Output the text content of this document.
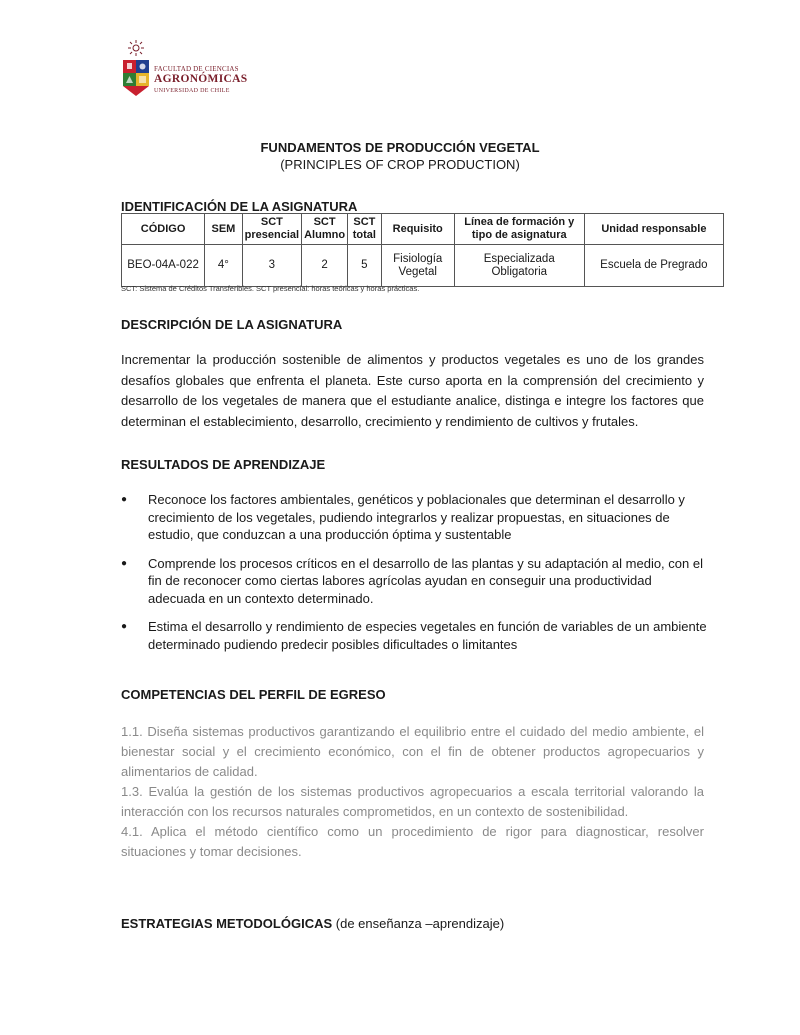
FACULTAD DE CIENCIAS
AGRONÓMICAS
UNIVERSIDAD DE CHILE
FUNDAMENTOS DE PRODUCCIÓN VEGETAL
(PRINCIPLES OF CROP PRODUCTION)
IDENTIFICACIÓN DE LA ASIGNATURA
CÓDIGO	SEM	SCT presencial	SCT Alumno	SCT total	Requisito	Línea de formación y tipo de asignatura	Unidad responsable
BEO-04A-022	4°	3	2	5	Fisiología Vegetal	Especializada Obligatoria	Escuela de Pregrado
SCT: Sistema de Créditos Transferibles. SCT presencial: horas teóricas y horas prácticas.
DESCRIPCIÓN DE LA ASIGNATURA

Incrementar la producción sostenible de alimentos y productos vegetales es uno de los grandes desafíos globales que enfrenta el planeta. Este curso aporta en la comprensión del crecimiento y desarrollo de los vegetales de manera que el estudiante analice, distinga e integre los factores que determinan el establecimiento, desarrollo, crecimiento y rendimiento de cultivos y frutales.

RESULTADOS DE APRENDIZAJE
● Reconoce los factores ambientales, genéticos y poblacionales que determinan el desarrollo y crecimiento de los vegetales, pudiendo integrarlos y realizar propuestas, en situaciones de estudio, que conduzcan a una producción óptima y sustentable
● Comprende los procesos críticos en el desarrollo de las plantas y su adaptación al medio, con el fin de reconocer como ciertas labores agrícolas ayudan en conseguir una productividad adecuada en un contexto determinado.
● Estima el desarrollo y rendimiento de especies vegetales en función de variables de un ambiente determinado pudiendo predecir posibles dificultades o limitantes
COMPETENCIAS DEL PERFIL DE EGRESO

1.1. Diseña sistemas productivos garantizando el equilibrio entre el cuidado del medio ambiente, el bienestar social y el crecimiento económico, con el fin de obtener productos agropecuarios y alimentarios de calidad.

1.3. Evalúa la gestión de los sistemas productivos agropecuarios a escala territorial valorando la interacción con los recursos naturales comprometidos, en un contexto de sostenibilidad.

4.1. Aplica el método científico como un procedimiento de rigor para diagnosticar, resolver situaciones y tomar decisiones.

ESTRATEGIAS METODOLÓGICAS (de enseñanza –aprendizaje)
